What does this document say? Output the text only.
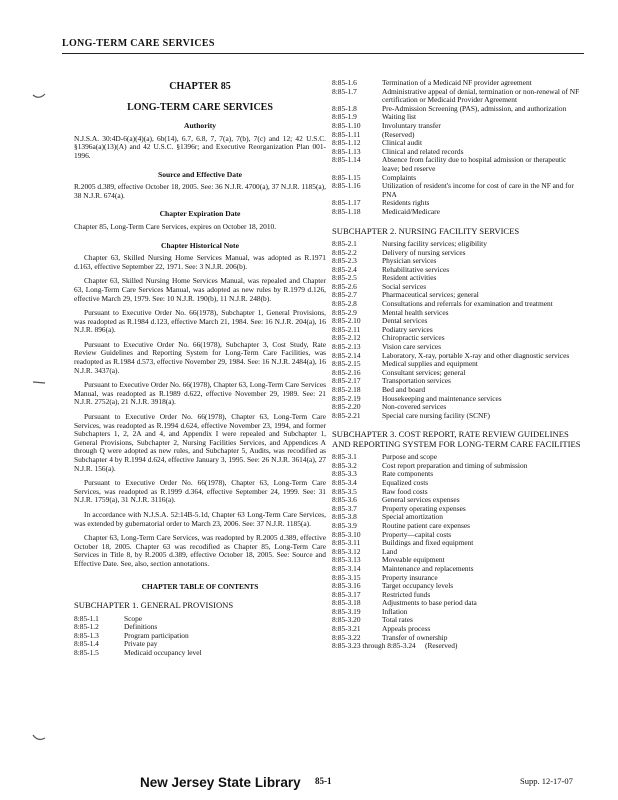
LONG-TERM CARE SERVICES
CHAPTER 85
LONG-TERM CARE SERVICES
Authority
N.J.S.A. 30:4D-6(a)(4)(a), 6b(14), 6.7, 6.8, 7, 7(a), 7(b), 7(c) and 12; 42 U.S.C. §1396a(a)(13)(A) and 42 U.S.C. §1396r; and Executive Reorganization Plan 001-1996.
Source and Effective Date
R.2005 d.389, effective October 18, 2005. See: 36 N.J.R. 4700(a), 37 N.J.R. 1185(a), 38 N.J.R. 674(a).
Chapter Expiration Date
Chapter 85, Long-Term Care Services, expires on October 18, 2010.
Chapter Historical Note
Chapter 63, Skilled Nursing Home Services Manual, was adopted as R.1971 d.163, effective September 22, 1971. See: 3 N.J.R. 206(b).
Chapter 63, Skilled Nursing Home Services Manual, was repealed and Chapter 63, Long-Term Care Services Manual, was adopted as new rules by R.1979 d.126, effective March 29, 1979. See: 10 N.J.R. 190(b), 11 N.J.R. 248(b).
Pursuant to Executive Order No. 66(1978), Subchapter 1, General Provisions, was readopted as R.1984 d.123, effective March 21, 1984. See: 16 N.J.R. 204(a), 16 N.J.R. 896(a).
Pursuant to Executive Order No. 66(1978), Subchapter 3, Cost Study, Rate Review Guidelines and Reporting System for Long-Term Care Facilities, was readopted as R.1984 d.573, effective November 29, 1984. See: 16 N.J.R. 2484(a), 16 N.J.R. 3437(a).
Pursuant to Executive Order No. 66(1978), Chapter 63, Long-Term Care Services Manual, was readopted as R.1989 d.622, effective November 29, 1989. See: 21 N.J.R. 2752(a), 21 N.J.R. 3918(a).
Pursuant to Executive Order No. 66(1978), Chapter 63, Long-Term Care Services, was readopted as R.1994 d.624, effective November 23, 1994, and former Subchapters 1, 2, 2A and 4, and Appendix I were repealed and Subchapter 1, General Provisions, Subchapter 2, Nursing Facilities Services, and Appendices A through Q were adopted as new rules, and Subchapter 5, Audits, was recodified as Subchapter 4 by R.1994 d.624, effective January 3, 1995. See: 26 N.J.R. 3614(a), 27 N.J.R. 156(a).
Pursuant to Executive Order No. 66(1978), Chapter 63, Long-Term Care Services, was readopted as R.1999 d.364, effective September 24, 1999. See: 31 N.J.R. 1759(a), 31 N.J.R. 3116(a).
In accordance with N.J.S.A. 52:14B-5.1d, Chapter 63 Long-Term Care Services, was extended by gubernatorial order to March 23, 2006. See: 37 N.J.R. 1185(a).
Chapter 63, Long-Term Care Services, was readopted by R.2005 d.389, effective October 18, 2005. Chapter 63 was recodified as Chapter 85, Long-Term Care Services in Title 8, by R.2005 d.389, effective October 18, 2005. See: Source and Effective Date. See, also, section annotations.
CHAPTER TABLE OF CONTENTS
SUBCHAPTER 1. GENERAL PROVISIONS
8:85-1.1	Scope
8:85-1.2	Definitions
8:85-1.3	Program participation
8:85-1.4	Private pay
8:85-1.5	Medicaid occupancy level
8:85-1.6	Termination of a Medicaid NF provider agreement
8:85-1.7	Administrative appeal of denial, termination or non-renewal of NF certification or Medicaid Provider Agreement
8:85-1.8	Pre-Admission Screening (PAS), admission, and authorization
8:85-1.9	Waiting list
8:85-1.10	Involuntary transfer
8:85-1.11	(Reserved)
8:85-1.12	Clinical audit
8:85-1.13	Clinical and related records
8:85-1.14	Absence from facility due to hospital admission or therapeutic leave; bed reserve
8:85-1.15	Complaints
8:85-1.16	Utilization of resident's income for cost of care in the NF and for PNA
8:85-1.17	Residents rights
8:85-1.18	Medicaid/Medicare
SUBCHAPTER 2. NURSING FACILITY SERVICES
8:85-2.1	Nursing facility services; eligibility
8:85-2.2	Delivery of nursing services
8:85-2.3	Physician services
8:85-2.4	Rehabilitative services
8:85-2.5	Resident activities
8:85-2.6	Social services
8:85-2.7	Pharmaceutical services; general
8:85-2.8	Consultations and referrals for examination and treatment
8:85-2.9	Mental health services
8:85-2.10	Dental services
8:85-2.11	Podiatry services
8:85-2.12	Chiropractic services
8:85-2.13	Vision care services
8:85-2.14	Laboratory, X-ray, portable X-ray and other diagnostic services
8:85-2.15	Medical supplies and equipment
8:85-2.16	Consultant services; general
8:85-2.17	Transportation services
8:85-2.18	Bed and board
8:85-2.19	Housekeeping and maintenance services
8:85-2.20	Non-covered services
8:85-2.21	Special care nursing facility (SCNF)
SUBCHAPTER 3. COST REPORT, RATE REVIEW GUIDELINES AND REPORTING SYSTEM FOR LONG-TERM CARE FACILITIES
8:85-3.1	Purpose and scope
8:85-3.2	Cost report preparation and timing of submission
8:85-3.3	Rate components
8:85-3.4	Equalized costs
8:85-3.5	Raw food costs
8:85-3.6	General services expenses
8:85-3.7	Property operating expenses
8:85-3.8	Special amortization
8:85-3.9	Routine patient care expenses
8:85-3.10	Property—capital costs
8:85-3.11	Buildings and fixed equipment
8:85-3.12	Land
8:85-3.13	Moveable equipment
8:85-3.14	Maintenance and replacements
8:85-3.15	Property insurance
8:85-3.16	Target occupancy levels
8:85-3.17	Restricted funds
8:85-3.18	Adjustments to base period data
8:85-3.19	Inflation
8:85-3.20	Total rates
8:85-3.21	Appeals process
8:85-3.22	Transfer of ownership
8:85-3.23 through 8:85-3.24     (Reserved)
New Jersey State Library 85-1	Supp. 12-17-07
